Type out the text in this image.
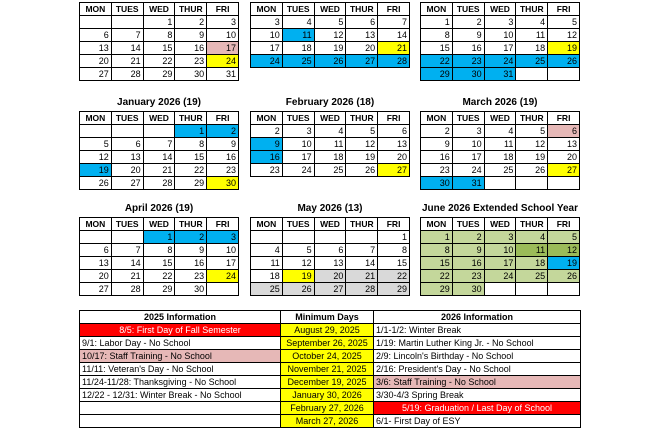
MON	TUES	WED	THUR	FRI
		1	2	3
6	7	8	9	10
13	14	15	16	17
20	21	22	23	24
27	28	29	30	31
MON	TUES	WED	THUR	FRI
3	4	5	6	7
10	11	12	13	14
17	18	19	20	21
24	25	26	27	28
MON	TUES	WED	THUR	FRI
1	2	3	4	5
8	9	10	11	12
15	16	17	18	19
22	23	24	25	26
29	30	31		
January 2026 (19)
MON	TUES	WED	THUR	FRI
			1	2
5	6	7	8	9
12	13	14	15	16
19	20	21	22	23
26	27	28	29	30
February 2026 (18)
MON	TUES	WED	THUR	FRI
2	3	4	5	6
9	10	11	12	13
16	17	18	19	20
23	24	25	26	27
March 2026 (19)
MON	TUES	WED	THUR	FRI
2	3	4	5	6
9	10	11	12	13
16	17	18	19	20
23	24	25	26	27
30	31			
April 2026 (19)
MON	TUES	WED	THUR	FRI
		1	2	3
6	7	8	9	10
13	14	15	16	17
20	21	22	23	24
27	28	29	30	
May 2026 (13)
MON	TUES	WED	THUR	FRI
				1
4	5	6	7	8
11	12	13	14	15
18	19	20	21	22
25	26	27	28	29
June 2026 Extended School Year
MON	TUES	WED	THUR	FRI
1	2	3	4	5
8	9	10	11	12
15	16	17	18	19
22	23	24	25	26
29	30			
2025 Information	Minimum Days	2026 Information
8/5: First Day of Fall Semester	August 29, 2025	1/1-1/2: Winter Break
9/1: Labor Day - No School	September 26, 2025	1/19: Martin Luther King Jr. - No School
10/17: Staff Training - No School	October 24, 2025	2/9: Lincoln's Birthday - No School
11/11: Veteran's Day - No School	November 21, 2025	2/16: President's Day - No School
11/24-11/28: Thanksgiving - No School	December 19, 2025	3/6: Staff Training - No School
12/22 - 12/31: Winter Break - No School	January 30, 2026	3/30-4/3 Spring Break
	February 27, 2026	5/19: Graduation / Last Day of School
	March 27, 2026	6/1- First Day of ESY
